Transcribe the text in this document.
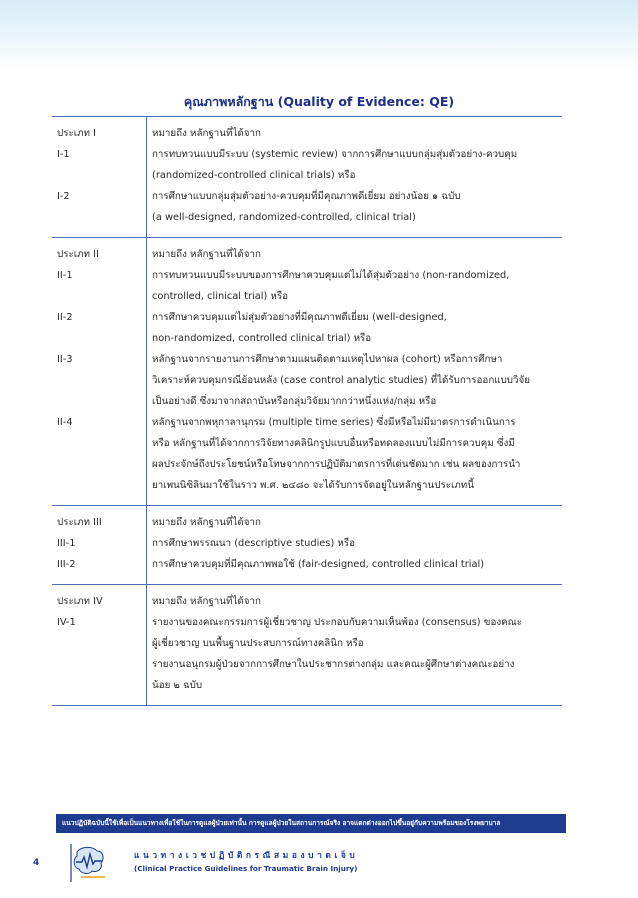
คุณภาพหลักฐาน (Quality of Evidence: QE)
ประเภท I	หมายถึง หลักฐานที่ได้จาก
I-1	การทบทวนแบบมีระบบ (systemic review) จากการศึกษาแบบกลุ่มสุ่มตัวอย่าง-ควบคุม
(randomized-controlled clinical trials) หรือ
I-2	การศึกษาแบบกลุ่มสุ่มตัวอย่าง-ควบคุมที่มีคุณภาพดีเยี่ยม อย่างน้อย ๑ ฉบับ
(a well-designed, randomized-controlled, clinical trial)
ประเภท II	หมายถึง หลักฐานที่ได้จาก
II-1	การทบทวนแบบมีระบบของการศึกษาควบคุมแต่ไม่ได้สุ่มตัวอย่าง (non-randomized,
controlled, clinical trial) หรือ
II-2	การศึกษาควบคุมแต่ไม่สุ่มตัวอย่างที่มีคุณภาพดีเยี่ยม (well-designed,
non-randomized, controlled clinical trial) หรือ
II-3	หลักฐานจากรายงานการศึกษาตามแผนติดตามเหตุไปหาผล (cohort) หรือการศึกษา
วิเคราะห์ควบคุมกรณีย้อนหลัง (case control analytic studies) ที่ได้รับการออกแบบวิจัย
เป็นอย่างดี ซึ่งมาจากสถาบันหรือกลุ่มวิจัยมากกว่าหนึ่งแห่ง/กลุ่ม หรือ
II-4	หลักฐานจากพหุกาลานุกรม (multiple time series) ซึ่งมีหรือไม่มีมาตรการดำเนินการ
หรือ หลักฐานที่ได้จากการวิจัยทางคลินิกรูปแบบอื่นหรือทดลองแบบไม่มีการควบคุม ซึ่งมี
ผลประจักษ์ถึงประโยชน์หรือโทษจากการปฏิบัติมาตรการที่เด่นชัดมาก เช่น ผลของการนำ
ยาเพนนิซิลินมาใช้ในราว พ.ศ. ๒๔๘๐ จะได้รับการจัดอยู่ในหลักฐานประเภทนี้
ประเภท III	หมายถึง หลักฐานที่ได้จาก
III-1	การศึกษาพรรณนา (descriptive studies) หรือ
III-2	การศึกษาควบคุมที่มีคุณภาพพอใช้ (fair-designed, controlled clinical trial)
ประเภท IV	หมายถึง หลักฐานที่ได้จาก
IV-1	รายงานของคณะกรรมการผู้เชี่ยวชาญ ประกอบกับความเห็นพ้อง (consensus) ของคณะ
ผู้เชี่ยวชาญ บนพื้นฐานประสบการณ์ทางคลินิก หรือ
รายงานอนุกรมผู้ป่วยจากการศึกษาในประชากรต่างกลุ่ม และคณะผู้ศึกษาต่างคณะอย่าง
น้อย ๒ ฉบับ
แนวปฏิบัติฉบับนี้ใช้เพื่อเป็นแนวทางเพื่อใช้ในการดูแลผู้ป่วยเท่านั้น การดูแลผู้ป่วยในสถานการณ์จริง อาจแตกต่างออกไปขึ้นอยู่กับความพร้อมของโรงพยาบาล
4
แนวทางเวชปฏิบัติกรณีสมองบาดเจ็บ
(Clinical Practice Guidelines for Traumatic Brain Injury)
